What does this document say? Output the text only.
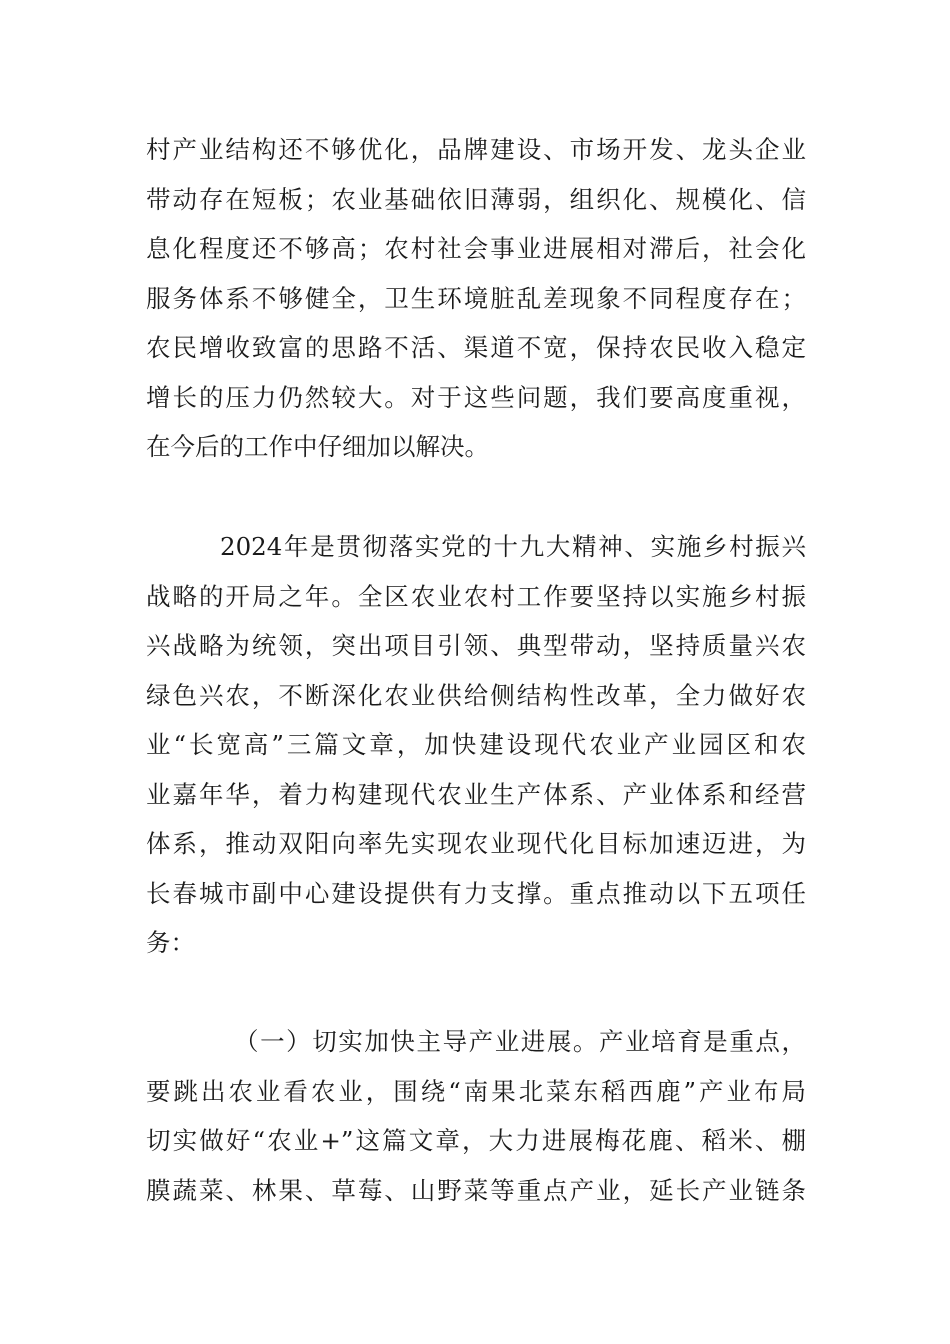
村产业结构还不够优化，品牌建设、市场开发、龙头企业
带动存在短板；农业基础依旧薄弱，组织化、规模化、信
息化程度还不够高；农村社会事业进展相对滞后，社会化
服务体系不够健全，卫生环境脏乱差现象不同程度存在；
农民增收致富的思路不活、渠道不宽，保持农民收入稳定
增长的压力仍然较大。对于这些问题，我们要高度重视，
在今后的工作中仔细加以解决。
2024年是贯彻落实党的十九大精神、实施乡村振兴
战略的开局之年。全区农业农村工作要坚持以实施乡村振
兴战略为统领，突出项目引领、典型带动，坚持质量兴农
绿色兴农，不断深化农业供给侧结构性改革，全力做好农
业“长宽高”三篇文章，加快建设现代农业产业园区和农
业嘉年华，着力构建现代农业生产体系、产业体系和经营
体系，推动双阳向率先实现农业现代化目标加速迈进，为
长春城市副中心建设提供有力支撑。重点推动以下五项任
务：
（一）切实加快主导产业进展。产业培育是重点，
要跳出农业看农业，围绕“南果北菜东稻西鹿”产业布局
切实做好“农业+”这篇文章，大力进展梅花鹿、稻米、棚
膜蔬菜、林果、草莓、山野菜等重点产业，延长产业链条
